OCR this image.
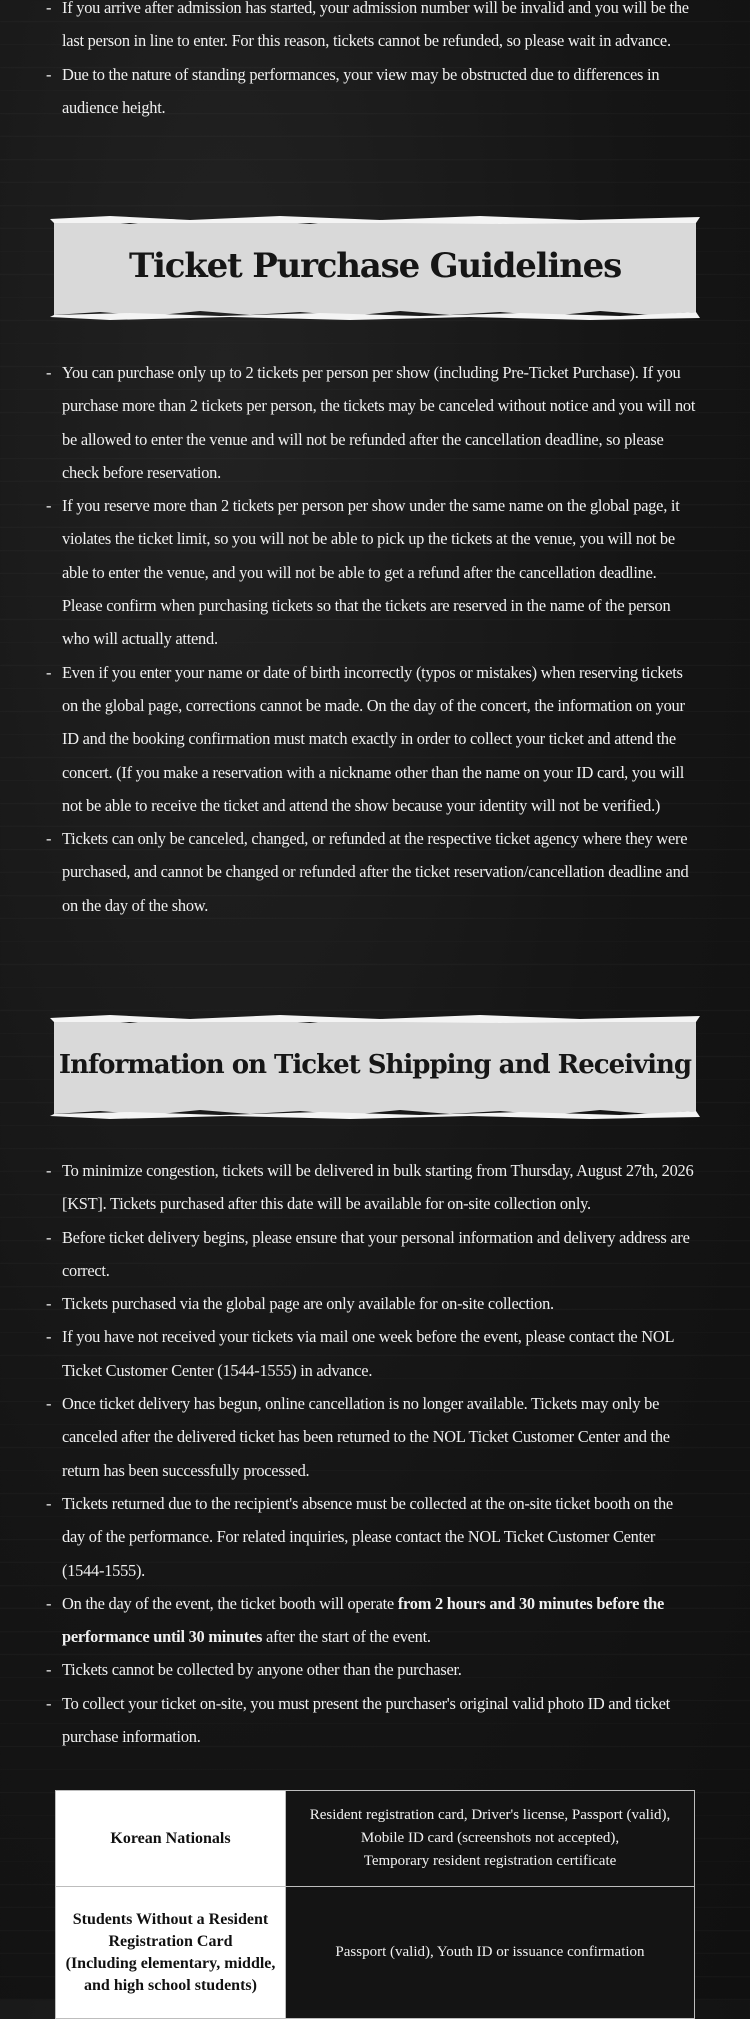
- If you arrive after admission has started, your admission number will be invalid and you will be the last person in line to enter. For this reason, tickets cannot be refunded, so please wait in advance.
- Due to the nature of standing performances, your view may be obstructed due to differences in audience height.
Ticket Purchase Guidelines
- You can purchase only up to 2 tickets per person per show (including Pre-Ticket Purchase). If you purchase more than 2 tickets per person, the tickets may be canceled without notice and you will not be allowed to enter the venue and will not be refunded after the cancellation deadline, so please check before reservation.
- If you reserve more than 2 tickets per person per show under the same name on the global page, it violates the ticket limit, so you will not be able to pick up the tickets at the venue, you will not be able to enter the venue, and you will not be able to get a refund after the cancellation deadline. Please confirm when purchasing tickets so that the tickets are reserved in the name of the person who will actually attend.
- Even if you enter your name or date of birth incorrectly (typos or mistakes) when reserving tickets on the global page, corrections cannot be made. On the day of the concert, the information on your ID and the booking confirmation must match exactly in order to collect your ticket and attend the concert. (If you make a reservation with a nickname other than the name on your ID card, you will not be able to receive the ticket and attend the show because your identity will not be verified.)
- Tickets can only be canceled, changed, or refunded at the respective ticket agency where they were purchased, and cannot be changed or refunded after the ticket reservation/cancellation deadline and on the day of the show.
Information on Ticket Shipping and Receiving
- To minimize congestion, tickets will be delivered in bulk starting from Thursday, August 27th, 2026 [KST]. Tickets purchased after this date will be available for on-site collection only.
- Before ticket delivery begins, please ensure that your personal information and delivery address are correct.
- Tickets purchased via the global page are only available for on-site collection.
- If you have not received your tickets via mail one week before the event, please contact the NOL Ticket Customer Center (1544-1555) in advance.
- Once ticket delivery has begun, online cancellation is no longer available. Tickets may only be canceled after the delivered ticket has been returned to the NOL Ticket Customer Center and the return has been successfully processed.
- Tickets returned due to the recipient's absence must be collected at the on-site ticket booth on the day of the performance. For related inquiries, please contact the NOL Ticket Customer Center (1544-1555).
- On the day of the event, the ticket booth will operate from 2 hours and 30 minutes before the performance until 30 minutes after the start of the event.
- Tickets cannot be collected by anyone other than the purchaser.
- To collect your ticket on-site, you must present the purchaser's original valid photo ID and ticket purchase information.
Korean Nationals	Resident registration card, Driver's license, Passport (valid),
Mobile ID card (screenshots not accepted),
Temporary resident registration certificate
Students Without a Resident Registration Card
(Including elementary, middle, and high school students)	Passport (valid), Youth ID or issuance confirmation
